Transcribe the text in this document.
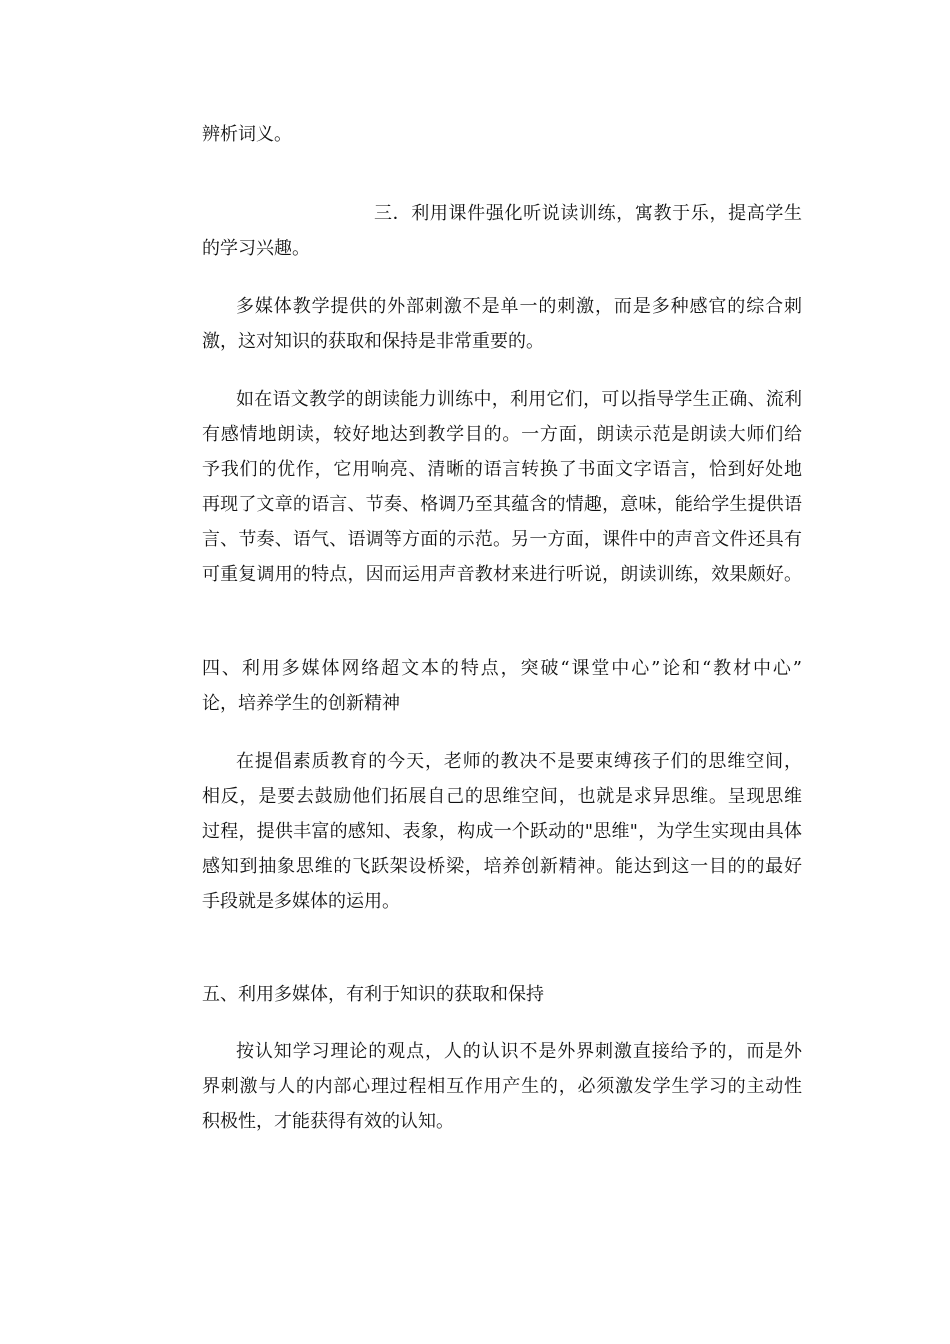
辨析词义。
三．利用课件强化听说读训练，寓教于乐，提高学生
的学习兴趣。
多媒体教学提供的外部刺激不是单一的刺激，而是多种感官的综合刺
激，这对知识的获取和保持是非常重要的。
如在语文教学的朗读能力训练中，利用它们，可以指导学生正确、流利
有感情地朗读，较好地达到教学目的。一方面，朗读示范是朗读大师们给
予我们的优作，它用响亮、清晰的语言转换了书面文字语言，恰到好处地
再现了文章的语言、节奏、格调乃至其蕴含的情趣，意味，能给学生提供语
言、节奏、语气、语调等方面的示范。另一方面，课件中的声音文件还具有
可重复调用的特点，因而运用声音教材来进行听说，朗读训练，效果颇好。
四、利用多媒体网络超文本的特点，突破“课堂中心”论和“教材中心”
论，培养学生的创新精神
在提倡素质教育的今天，老师的教决不是要束缚孩子们的思维空间，
相反，是要去鼓励他们拓展自己的思维空间，也就是求异思维。呈现思维
过程，提供丰富的感知、表象，构成一个跃动的"思维"，为学生实现由具体
感知到抽象思维的飞跃架设桥梁，培养创新精神。能达到这一目的的最好
手段就是多媒体的运用。
五、利用多媒体，有利于知识的获取和保持
按认知学习理论的观点，人的认识不是外界刺激直接给予的，而是外
界刺激与人的内部心理过程相互作用产生的，必须激发学生学习的主动性
积极性，才能获得有效的认知。
